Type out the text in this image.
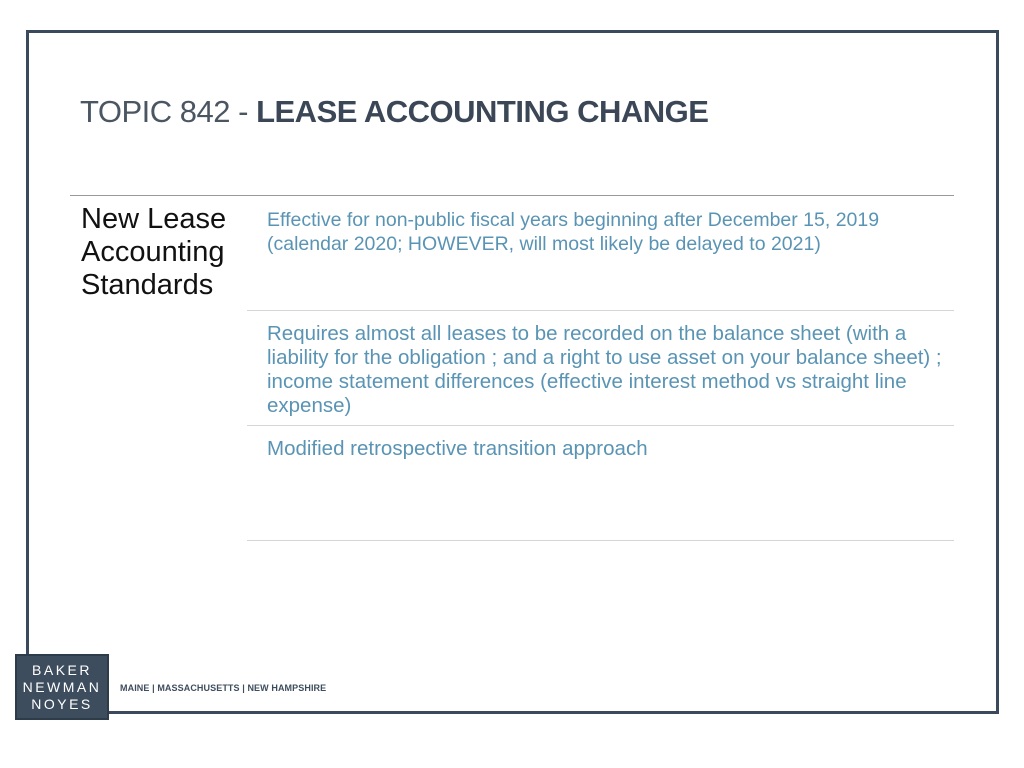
TOPIC 842 - LEASE ACCOUNTING CHANGE
New Lease Accounting Standards
Effective for non-public fiscal years beginning after December 15, 2019 (calendar 2020; HOWEVER, will most likely be delayed to 2021)
Requires almost all leases to be recorded on the balance sheet (with a liability for the obligation ; and a right to use asset on your balance sheet) ; income statement differences (effective interest method vs straight line expense)
Modified retrospective transition approach
BAKER
NEWMAN
NOYES
MAINE | MASSACHUSETTS | NEW HAMPSHIRE
